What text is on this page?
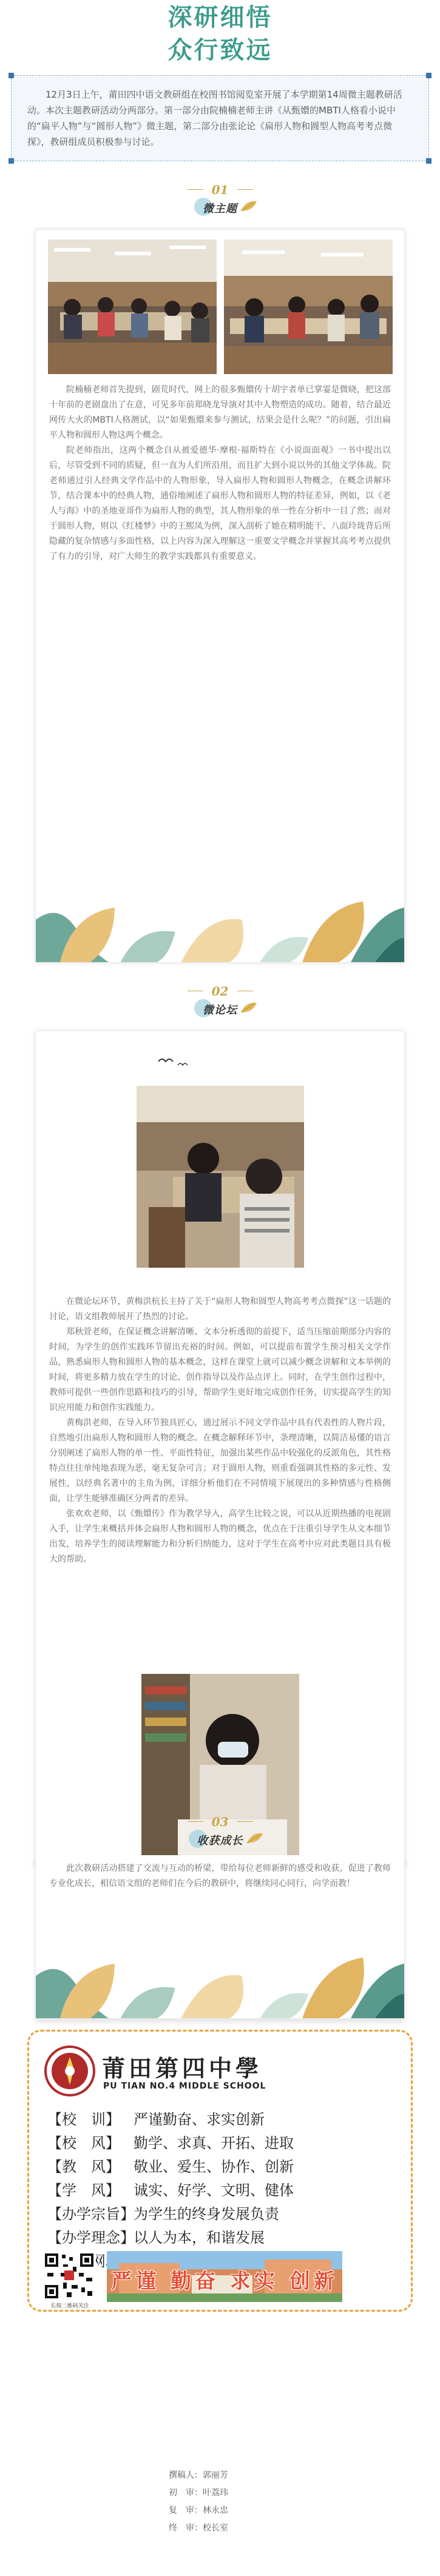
深研细悟
众行致远

12月3日上午，莆田四中语文教研组在校图书馆阅览室开展了本学期第14周微主题教研活动。本次主题教研活动分两部分。第一部分由院楠楠老师主讲《从甄嬛的MBTI人格看小说中的“扁平人物”与“圆形人物”》微主题，第二部分由张论论《扁形人物和圆型人物高考考点微探》，教研组成员积极参与讨论。

01
微主题

院楠楠老师首先提到，剧荒时代，网上的很多甄嬛传十胡宇者单已掌霎是微晓，把这部十年前的老剧盘出了在意，可见多年前郑晓龙导演对其中人物塑造的成功。随着，结合最近网传大火的MBTI人格测试，以“如果甄嬛来参与测试，结果会是什么呢？”的问题，引出扁平人物和圆形人物这两个概念。

院老师指出，这两个概念自从被爱德华·摩根·福斯特在《小说面面观》一书中提出以后，尽管受到不同的质疑，但一直为人们所沿用，而且扩大到小说以外的其他文学体裁。院老师通过引人经典文学作品中的人物形象，导入扁形人物和圆形人物概念，在概念讲解环节，结合课本中的经典人物，通俗地阐述了扁形人物和圆形人物的特征差异，例如，以《老人与海》中的圣地亚哥作为扁形人物的典型，其人物形象的单一性在分析中一目了然；而对于圆形人物，则以《红楼梦》中的王熙凤为例，深入剖析了她在精明能干、八面玲珑背后所隐藏的复杂情感与多面性格，以上内容为深入理解这一重要文学概念并掌握其高考考点提供了有力的引导，对广大师生的教学实践都具有重要意义。

02
微论坛

在微论坛环节，黄梅洪杭长主持了关于“扁形人物和圆型人物高考考点微探”这一话题的讨论，语文组教师展开了热烈的讨论。

郑秋萱老师，在保证概念讲解清晰、文本分析透彻的前提下，适当压缩前期部分内容的时间，为学生的创作实践环节留出充裕的时间。例如，可以提前布置学生预习相关文学作品，熟悉扁形人物和圆形人物的基本概念，这样在课堂上就可以减少概念讲解和文本举例的时间，将更多精力放在学生的讨论、创作指导以及作品点评上。同时，在学生创作过程中，教师可提供一些创作思路和技巧的引导，帮助学生更好地完成创作任务，切实提高学生的知识应用能力和创作实践能力。

黄梅洪老师，在导入环节独具匠心，通过展示不同文学作品中具有代表性的人物片段，自然地引出扁形人物和圆形人物的概念。在概念解释环节中，条理清晰，以简洁易懂的语言分别阐述了扁形人物的单一性、平面性特征，加强出某些作品中较强化的反派角色，其性格特点往往单纯地表现为恶，毫无复杂可言；对于圆形人物，则重看强调其性格的多元性、发展性，以经典名著中的主角为例，详细分析他们在不同情境下展现出的多种情感与性格侧面，让学生能够准确区分两者的差异。

张欢欢老师，以《甄嬛传》作为教学导入，高学生比较之说，可以从近期热播的电视剧入手，让学生来概括并体会扁形人物和圆形人物的概念，优点在于注重引导学生从文本细节出发，培养学生的阅读理解能力和分析归纳能力，这对于学生在高考中应对此类题目具有极大的帮助。

03
收获成长

此次教研活动搭建了交流与互动的桥梁，带给每位老师新鲜的感受和收获，促进了教师专业化成长，相信语文组的老师们在今后的教研中，将继续同心同行，向学而教！

莆田第四中學
PU TIAN NO.4 MIDDLE SCHOOL
【校　训】 严谨勤奋、求实创新
【校　风】 勤学、求真、开拓、进取
【教　风】 敬业、爱生、协作、创新
【学　风】 诚实、好学、文明、健体
【办学宗旨】为学生的终身发展负责
【办学理念】以人为本，和谐发展
长按二维码关注
严谨 勤奋 求实 创新
撰稿人：郭丽芳
初　审：叶荔玮
复　审：林永忠
终　审：校长室
